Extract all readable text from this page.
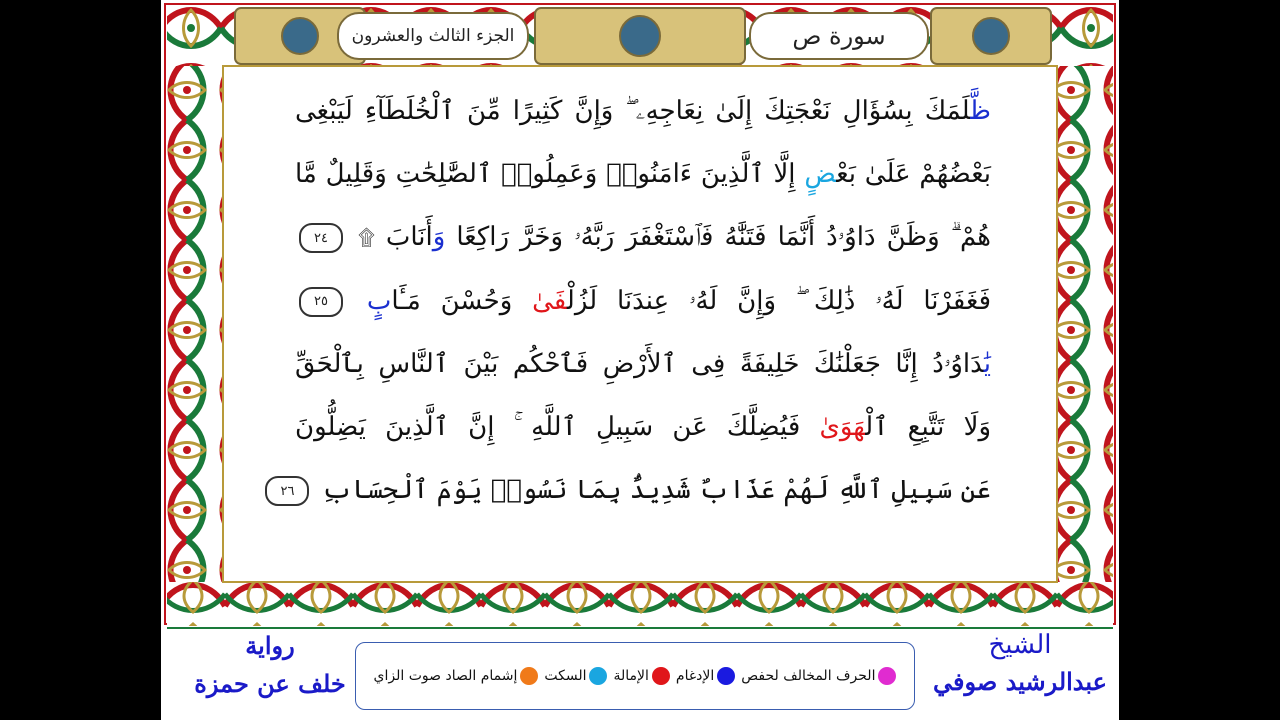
سورة ص
الجزء الثالث والعشرون
ظَّلَمَكَ بِسُؤَالِ نَعْجَتِكَ إِلَىٰ نِعَاجِهِۦ ۖ وَإِنَّ كَثِيرًا مِّنَ ٱلْخُلَطَآءِ لَيَبْغِى
بَعْضُهُمْ عَلَىٰ بَعْضٍ إِلَّا ٱلَّذِينَ ءَامَنُوا۟ وَعَمِلُوا۟ ٱلصَّٰلِحَٰتِ وَقَلِيلٌ مَّا
هُمْ ۗ وَظَنَّ دَاوُۥدُ أَنَّمَا فَتَنَّٰهُ فَٱسْتَغْفَرَ رَبَّهُۥ وَخَرَّ رَاكِعًا وَأَنَابَ ۩ ٢٤
فَغَفَرْنَا لَهُۥ ذَٰلِكَ ۖ وَإِنَّ لَهُۥ عِندَنَا لَزُلْفَىٰ وَحُسْنَ مَـَٔابٍ ٢٥
يَٰدَاوُۥدُ إِنَّا جَعَلْنَٰكَ خَلِيفَةً فِى ٱلرْضِ فَٱحْكُم بَيْنَ ٱلنَّاسِ بِٱلْحَقِّ
وَلَا تَتَّبِعِ ٱلْهَوَىٰ فَيُضِلَّكَ عَن سَبِيلِ ٱللَّهِ ۚ إِنَّ ٱلَّذِينَ يَضِلُّونَ
عَن سَبِيلِ ٱللَّهِ لَهُمْ عَذَابٌ شَدِيدٌۢ بِمَا نَسُوا۟ يَوْمَ ٱلْحِسَابِ ٢٦
الشيخ
عبدالرشيد صوفي
الحرف المخالف لحفص
الإدغام
الإمالة
السكت
إشمام الصاد صوت الزاي
رواية
خلف عن حمزة
